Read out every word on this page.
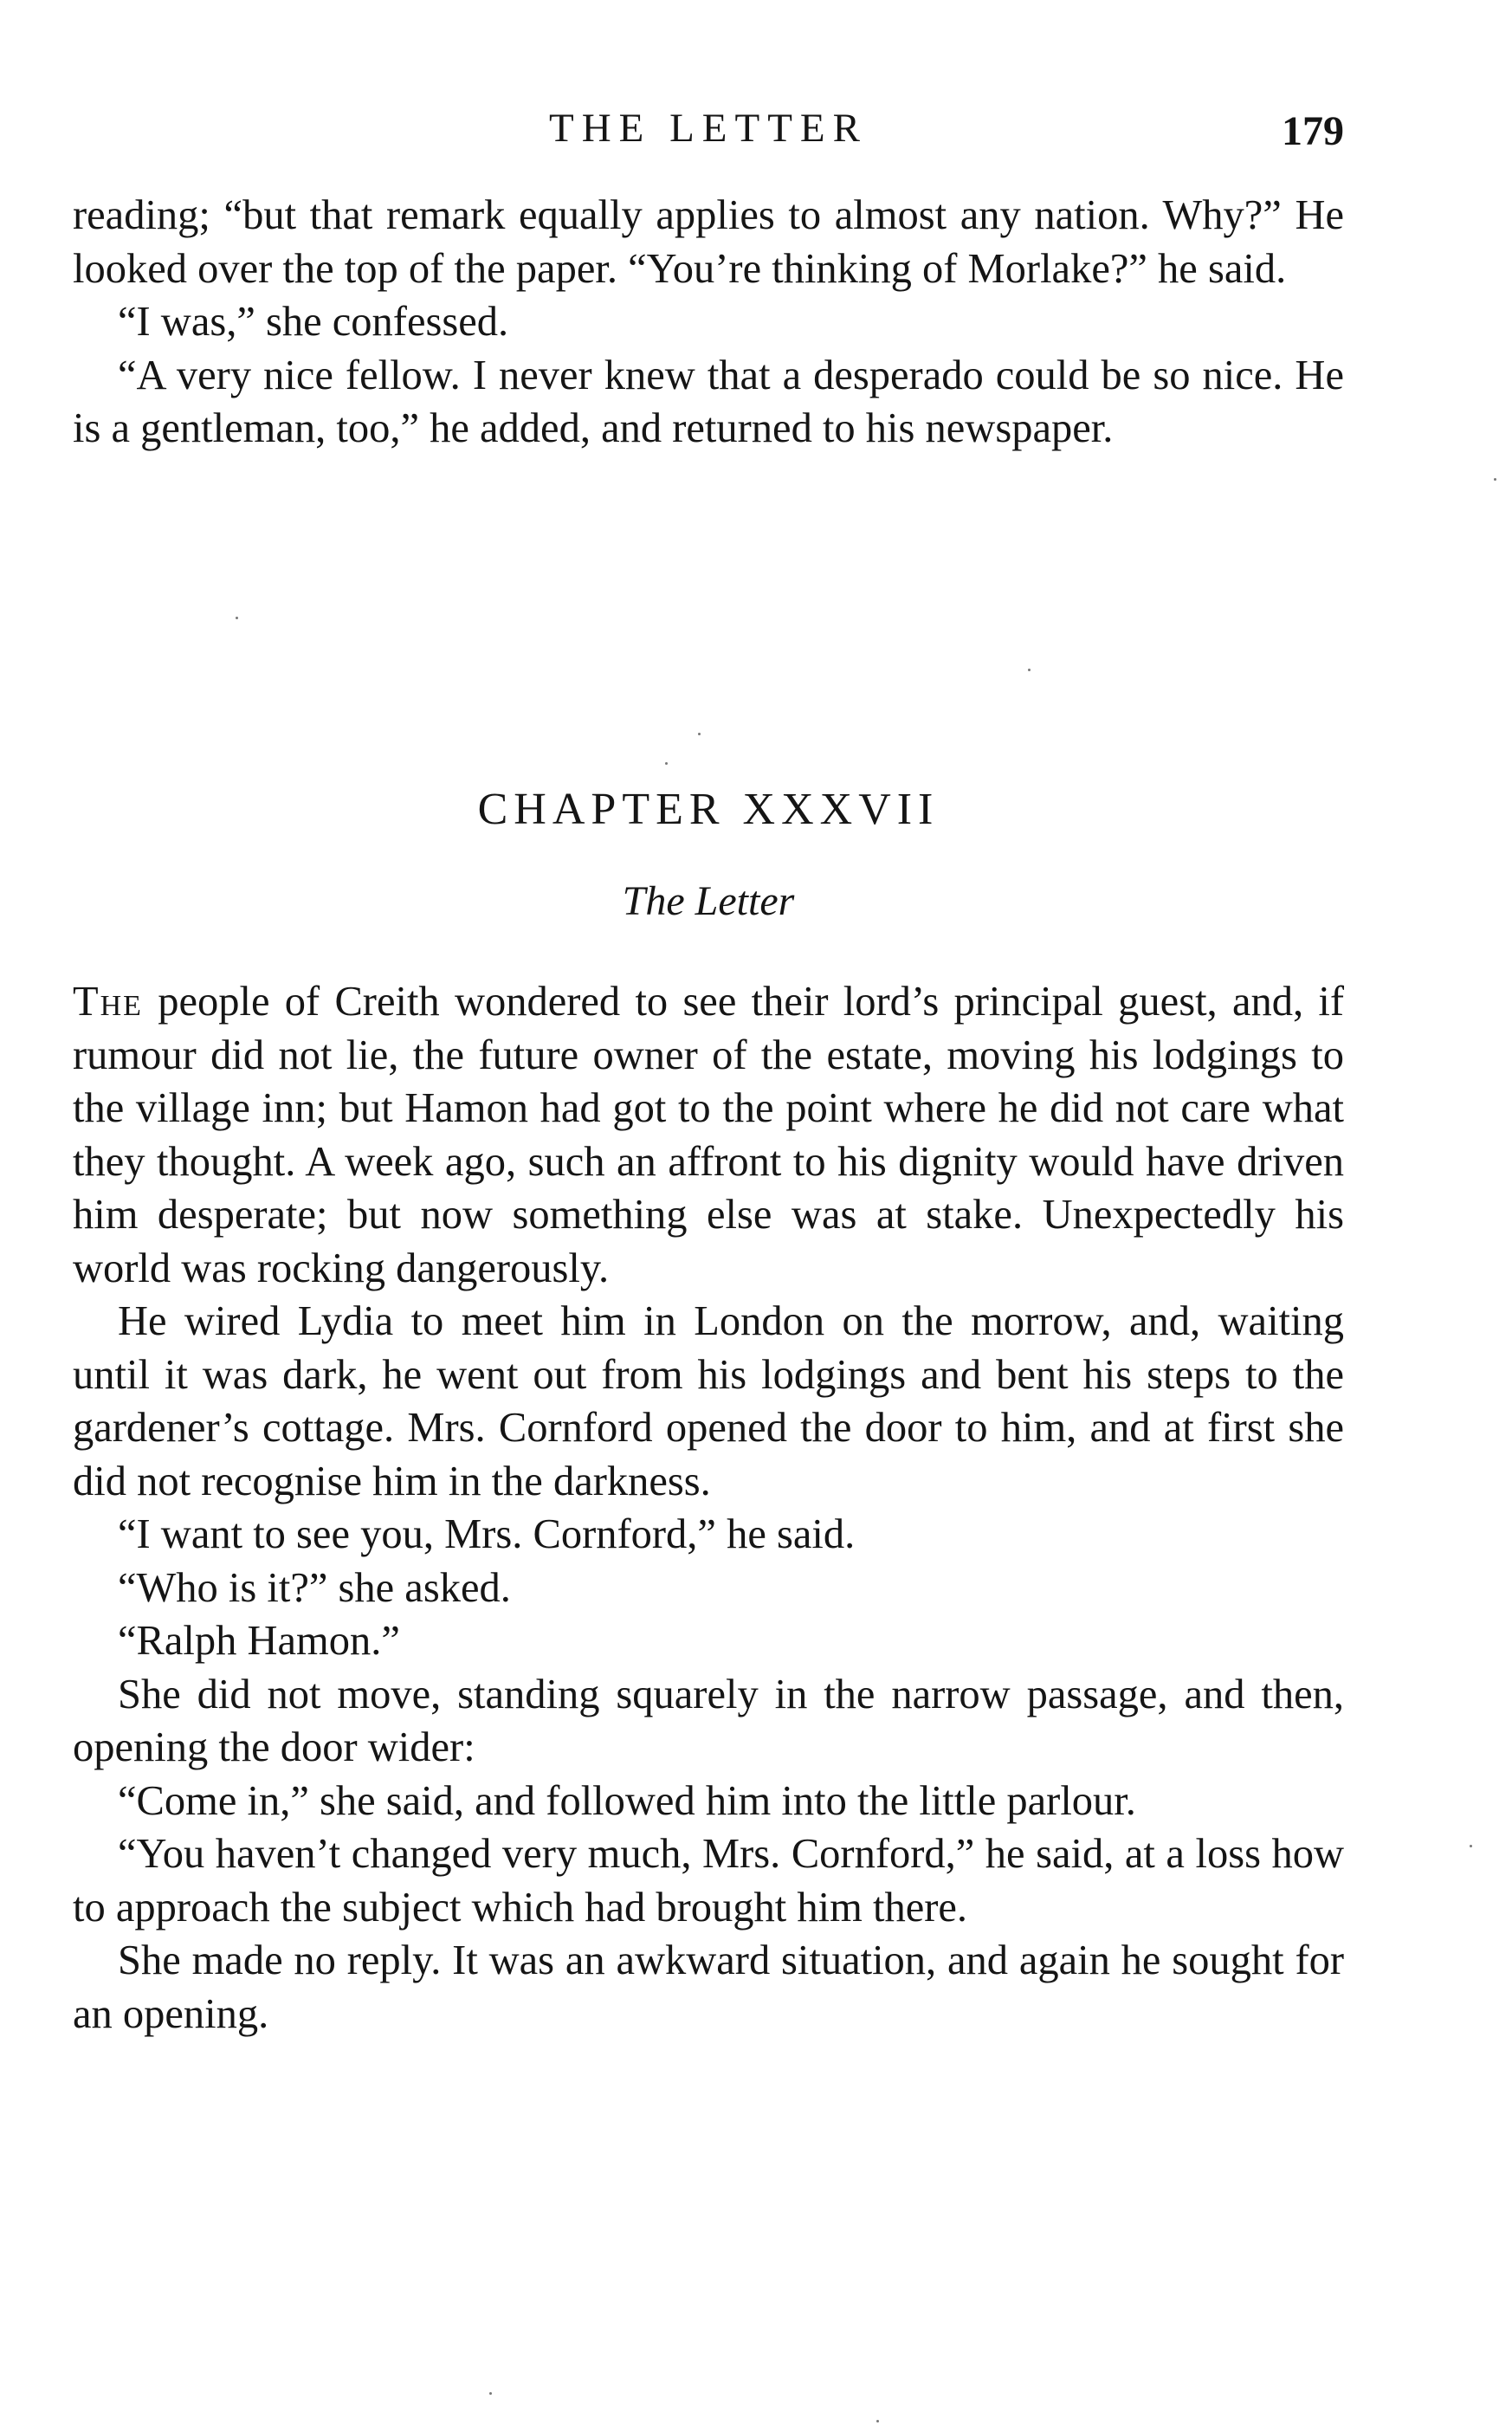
THE LETTER	179

reading; “but that remark equally applies to almost any nation. Why?” He looked over the top of the paper. “You’re thinking of Morlake?” he said.

“I was,” she confessed.

“A very nice fellow. I never knew that a desperado could be so nice. He is a gentleman, too,” he added, and returned to his newspaper.

CHAPTER XXXVII
The Letter

The people of Creith wondered to see their lord’s principal guest, and, if rumour did not lie, the future owner of the estate, moving his lodgings to the village inn; but Hamon had got to the point where he did not care what they thought. A week ago, such an affront to his dignity would have driven him desperate; but now something else was at stake. Unexpectedly his world was rocking dangerously.

He wired Lydia to meet him in London on the morrow, and, waiting until it was dark, he went out from his lodgings and bent his steps to the gardener’s cottage. Mrs. Cornford opened the door to him, and at first she did not recognise him in the darkness.

“I want to see you, Mrs. Cornford,” he said.

“Who is it?” she asked.

“Ralph Hamon.”

She did not move, standing squarely in the narrow passage, and then, opening the door wider:

“Come in,” she said, and followed him into the little parlour.

“You haven’t changed very much, Mrs. Cornford,” he said, at a loss how to approach the subject which had brought him there.

She made no reply. It was an awkward situation, and again he sought for an opening.
